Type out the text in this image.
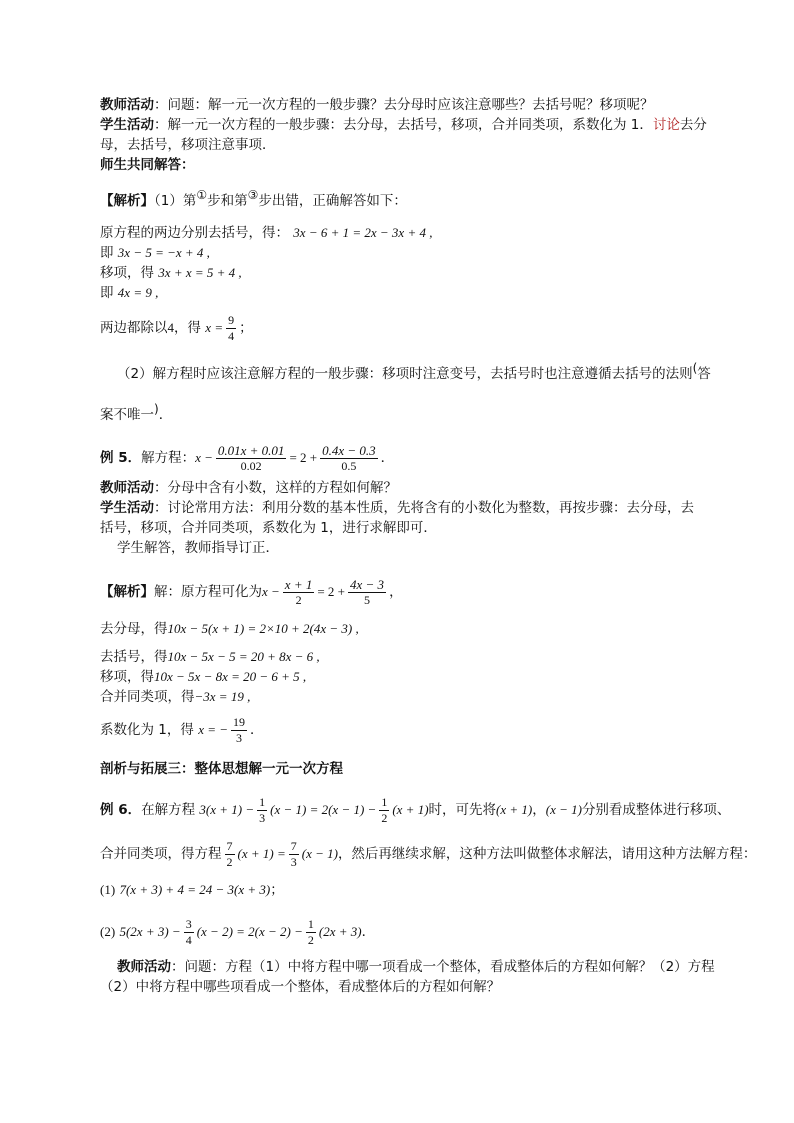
教师活动：问题：解一元一次方程的一般步骤？去分母时应该注意哪些？去括号呢？移项呢？
学生活动：解一元一次方程的一般步骤：去分母，去括号，移项，合并同类项，系数化为 1．讨论去分
母，去括号，移项注意事项．
师生共同解答：
【解析】（1）第①步和第③步出错，正确解答如下：
原方程的两边分别去括号，得： 3x − 6 + 1 = 2x − 3x + 4 ,
即 3x − 5 = −x + 4 ,
移项，得 3x + x = 5 + 4 ,
即 4x = 9 ,
两边都除以4，得 $x = \frac{9}{4}$ ；
（2）解方程时应该注意解方程的一般步骤：移项时注意变号，去括号时也注意遵循去括号的法则(答
案不唯一)．
例 5．解方程：$x - \frac{0.01x + 0.01}{0.02} = 2 + \frac{0.4x - 0.3}{0.5}$ ．
教师活动：分母中含有小数，这样的方程如何解？
学生活动：讨论常用方法：利用分数的基本性质，先将含有的小数化为整数，再按步骤：去分母，去
括号，移项，合并同类项，系数化为 1，进行求解即可．
学生解答，教师指导订正．
【解析】解：原方程可化为$x - \frac{x + 1}{2} = 2 + \frac{4x - 3}{5}$ ，
去分母，得10x − 5(x + 1) = 2×10 + 2(4x − 3) ,
去括号，得10x − 5x − 5 = 20 + 8x − 6 ,
移项，得10x − 5x − 8x = 20 − 6 + 5 ,
合并同类项，得−3x = 19 ,
系数化为 1，得 x = − $\frac{19}{3}$ ．
剖析与拓展三：整体思想解一元一次方程
例 6．在解方程 $3(x + 1) - \frac{1}{3} (x - 1) = 2(x - 1) - \frac{1}{2} (x + 1)$时，可先将(x + 1)，(x − 1)分别看成整体进行移项、
合并同类项，得方程 $\frac{7}{2} (x + 1) = \frac{7}{3} (x - 1)$，然后再继续求解，这种方法叫做整体求解法，请用这种方法解方程：
(1) 7(x + 3) + 4 = 24 − 3(x + 3)；
(2) $5(2x + 3) - \frac{3}{4} (x - 2) = 2(x - 2) - \frac{1}{2} (2x + 3)$．
教师活动：问题：方程（1）中将方程中哪一项看成一个整体，看成整体后的方程如何解？（2）方程
（2）中将方程中哪些项看成一个整体，看成整体后的方程如何解？
